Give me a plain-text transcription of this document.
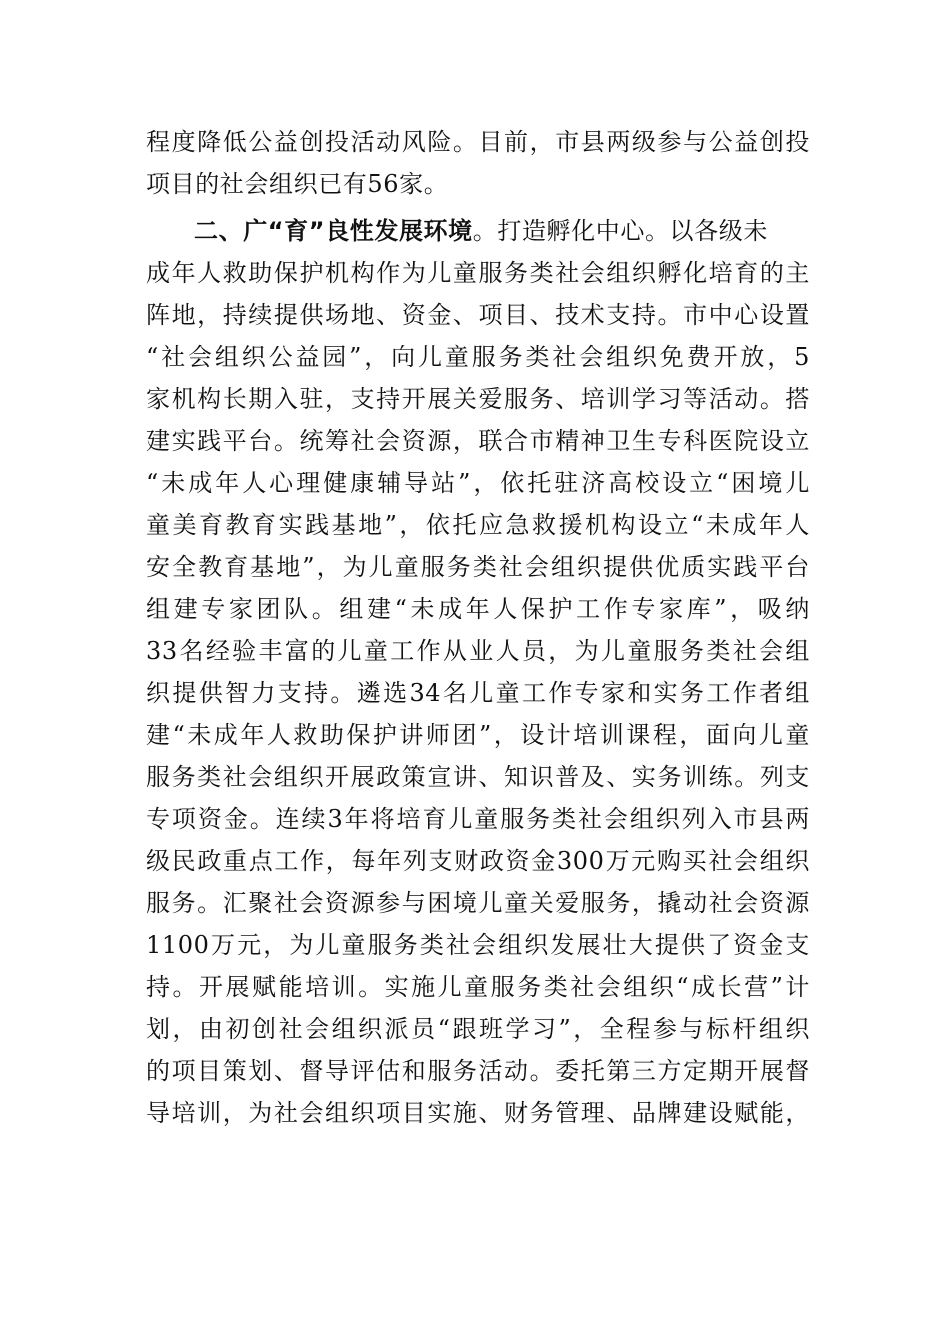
程度降低公益创投活动风险。目前，市县两级参与公益创投
项目的社会组织已有56家。
二、广“育”良性发展环境。打造孵化中心。以各级未
成年人救助保护机构作为儿童服务类社会组织孵化培育的主
阵地，持续提供场地、资金、项目、技术支持。市中心设置
“社会组织公益园”，向儿童服务类社会组织免费开放，5
家机构长期入驻，支持开展关爱服务、培训学习等活动。搭
建实践平台。统筹社会资源，联合市精神卫生专科医院设立
“未成年人心理健康辅导站”，依托驻济高校设立“困境儿
童美育教育实践基地”，依托应急救援机构设立“未成年人
安全教育基地”，为儿童服务类社会组织提供优质实践平台
组建专家团队。组建“未成年人保护工作专家库”，吸纳
33名经验丰富的儿童工作从业人员，为儿童服务类社会组
织提供智力支持。遴选34名儿童工作专家和实务工作者组
建“未成年人救助保护讲师团”，设计培训课程，面向儿童
服务类社会组织开展政策宣讲、知识普及、实务训练。列支
专项资金。连续3年将培育儿童服务类社会组织列入市县两
级民政重点工作，每年列支财政资金300万元购买社会组织
服务。汇聚社会资源参与困境儿童关爱服务，撬动社会资源
1100万元，为儿童服务类社会组织发展壮大提供了资金支
持。开展赋能培训。实施儿童服务类社会组织“成长营”计
划，由初创社会组织派员“跟班学习”，全程参与标杆组织
的项目策划、督导评估和服务活动。委托第三方定期开展督
导培训，为社会组织项目实施、财务管理、品牌建设赋能，
